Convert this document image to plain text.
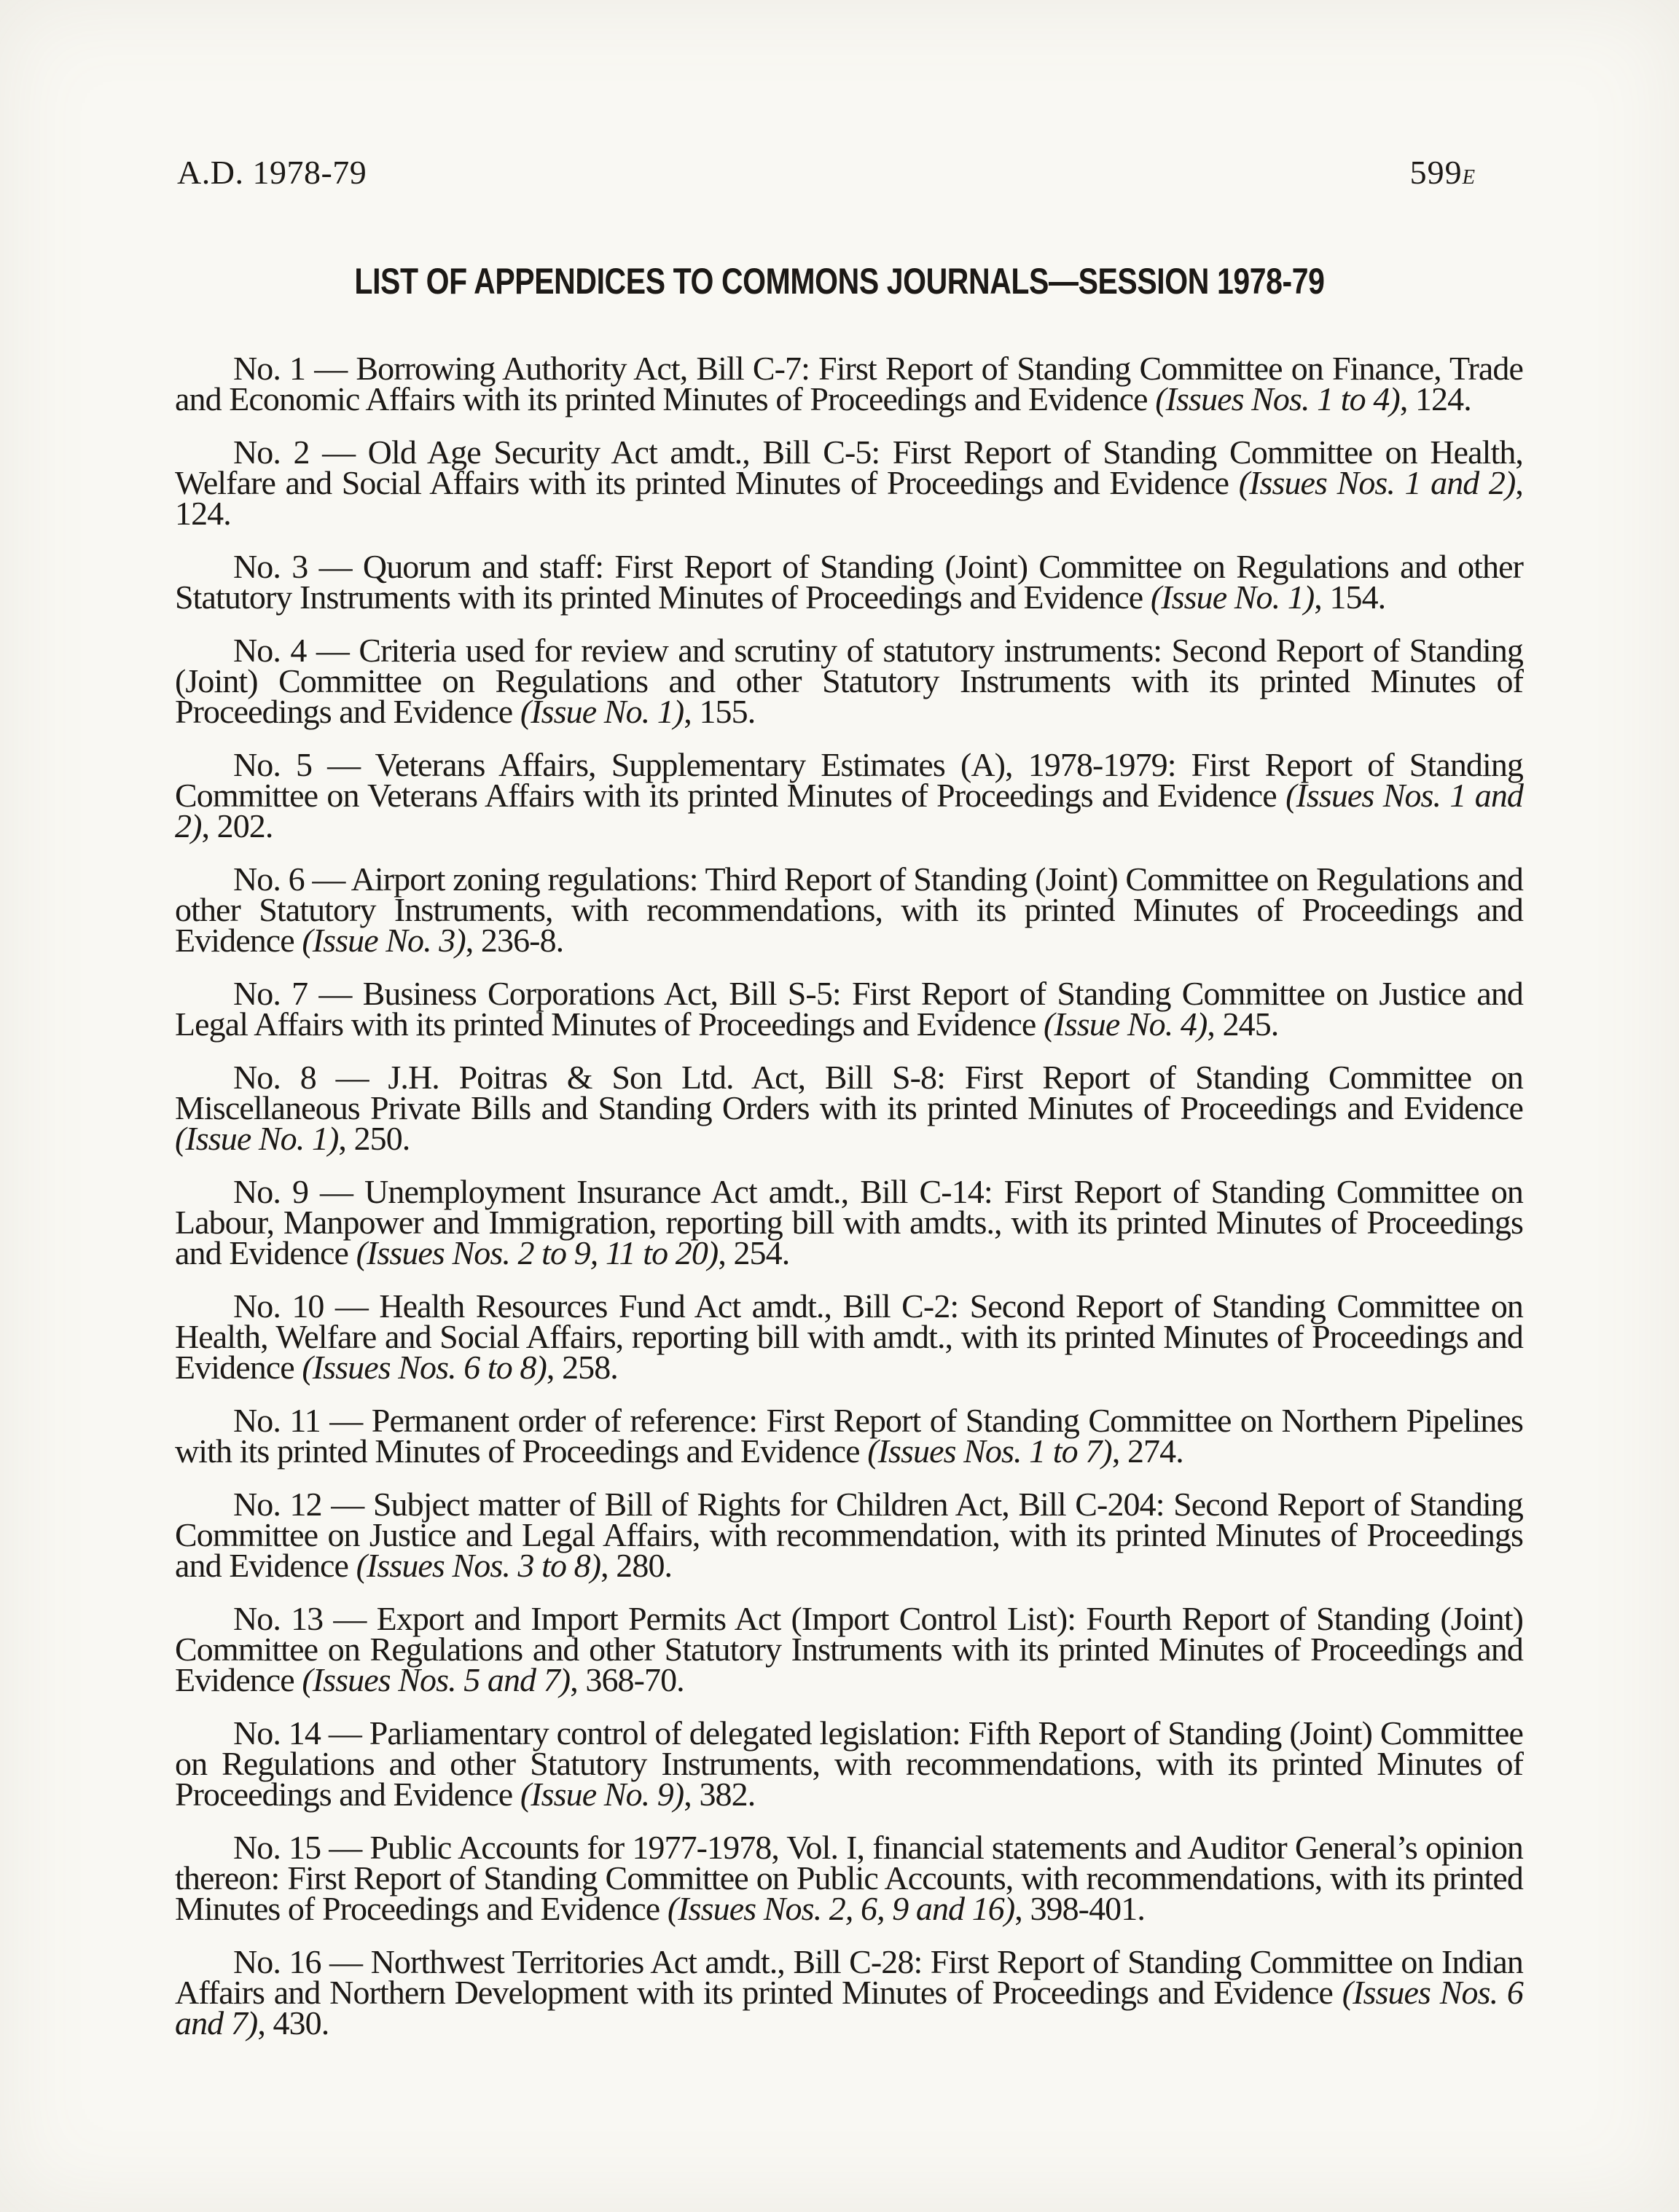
A.D. 1978-79	599E
LIST OF APPENDICES TO COMMONS JOURNALS—SESSION 1978-79

No. 1 — Borrowing Authority Act, Bill C-7: First Report of Standing Committee on Finance, Trade and Economic Affairs with its printed Minutes of Proceedings and Evidence (Issues Nos. 1 to 4), 124.

No. 2 — Old Age Security Act amdt., Bill C-5: First Report of Standing Committee on Health, Welfare and Social Affairs with its printed Minutes of Proceedings and Evidence (Issues Nos. 1 and 2), 124.

No. 3 — Quorum and staff: First Report of Standing (Joint) Committee on Regulations and other Statutory Instruments with its printed Minutes of Proceedings and Evidence (Issue No. 1), 154.

No. 4 — Criteria used for review and scrutiny of statutory instruments: Second Report of Standing (Joint) Committee on Regulations and other Statutory Instruments with its printed Minutes of Proceedings and Evidence (Issue No. 1), 155.

No. 5 — Veterans Affairs, Supplementary Estimates (A), 1978-1979: First Report of Standing Committee on Veterans Affairs with its printed Minutes of Proceedings and Evidence (Issues Nos. 1 and 2), 202.

No. 6 — Airport zoning regulations: Third Report of Standing (Joint) Committee on Regulations and other Statutory Instruments, with recommendations, with its printed Minutes of Proceedings and Evidence (Issue No. 3), 236-8.

No. 7 — Business Corporations Act, Bill S-5: First Report of Standing Committee on Justice and Legal Affairs with its printed Minutes of Proceedings and Evidence (Issue No. 4), 245.

No. 8 — J.H. Poitras & Son Ltd. Act, Bill S-8: First Report of Standing Committee on Miscellaneous Private Bills and Standing Orders with its printed Minutes of Proceedings and Evidence (Issue No. 1), 250.

No. 9 — Unemployment Insurance Act amdt., Bill C-14: First Report of Standing Committee on Labour, Manpower and Immigration, reporting bill with amdts., with its printed Minutes of Proceedings and Evidence (Issues Nos. 2 to 9, 11 to 20), 254.

No. 10 — Health Resources Fund Act amdt., Bill C-2: Second Report of Standing Committee on Health, Welfare and Social Affairs, reporting bill with amdt., with its printed Minutes of Proceedings and Evidence (Issues Nos. 6 to 8), 258.

No. 11 — Permanent order of reference: First Report of Standing Committee on Northern Pipelines with its printed Minutes of Proceedings and Evidence (Issues Nos. 1 to 7), 274.

No. 12 — Subject matter of Bill of Rights for Children Act, Bill C-204: Second Report of Standing Committee on Justice and Legal Affairs, with recommendation, with its printed Minutes of Proceedings and Evidence (Issues Nos. 3 to 8), 280.

No. 13 — Export and Import Permits Act (Import Control List): Fourth Report of Standing (Joint) Committee on Regulations and other Statutory Instruments with its printed Minutes of Proceedings and Evidence (Issues Nos. 5 and 7), 368-70.

No. 14 — Parliamentary control of delegated legislation: Fifth Report of Standing (Joint) Committee on Regulations and other Statutory Instruments, with recommendations, with its printed Minutes of Proceedings and Evidence (Issue No. 9), 382.

No. 15 — Public Accounts for 1977-1978, Vol. I, financial statements and Auditor General’s opinion thereon: First Report of Standing Committee on Public Accounts, with recommendations, with its printed Minutes of Proceedings and Evidence (Issues Nos. 2, 6, 9 and 16), 398-401.

No. 16 — Northwest Territories Act amdt., Bill C-28: First Report of Standing Committee on Indian Affairs and Northern Development with its printed Minutes of Proceedings and Evidence (Issues Nos. 6 and 7), 430.
